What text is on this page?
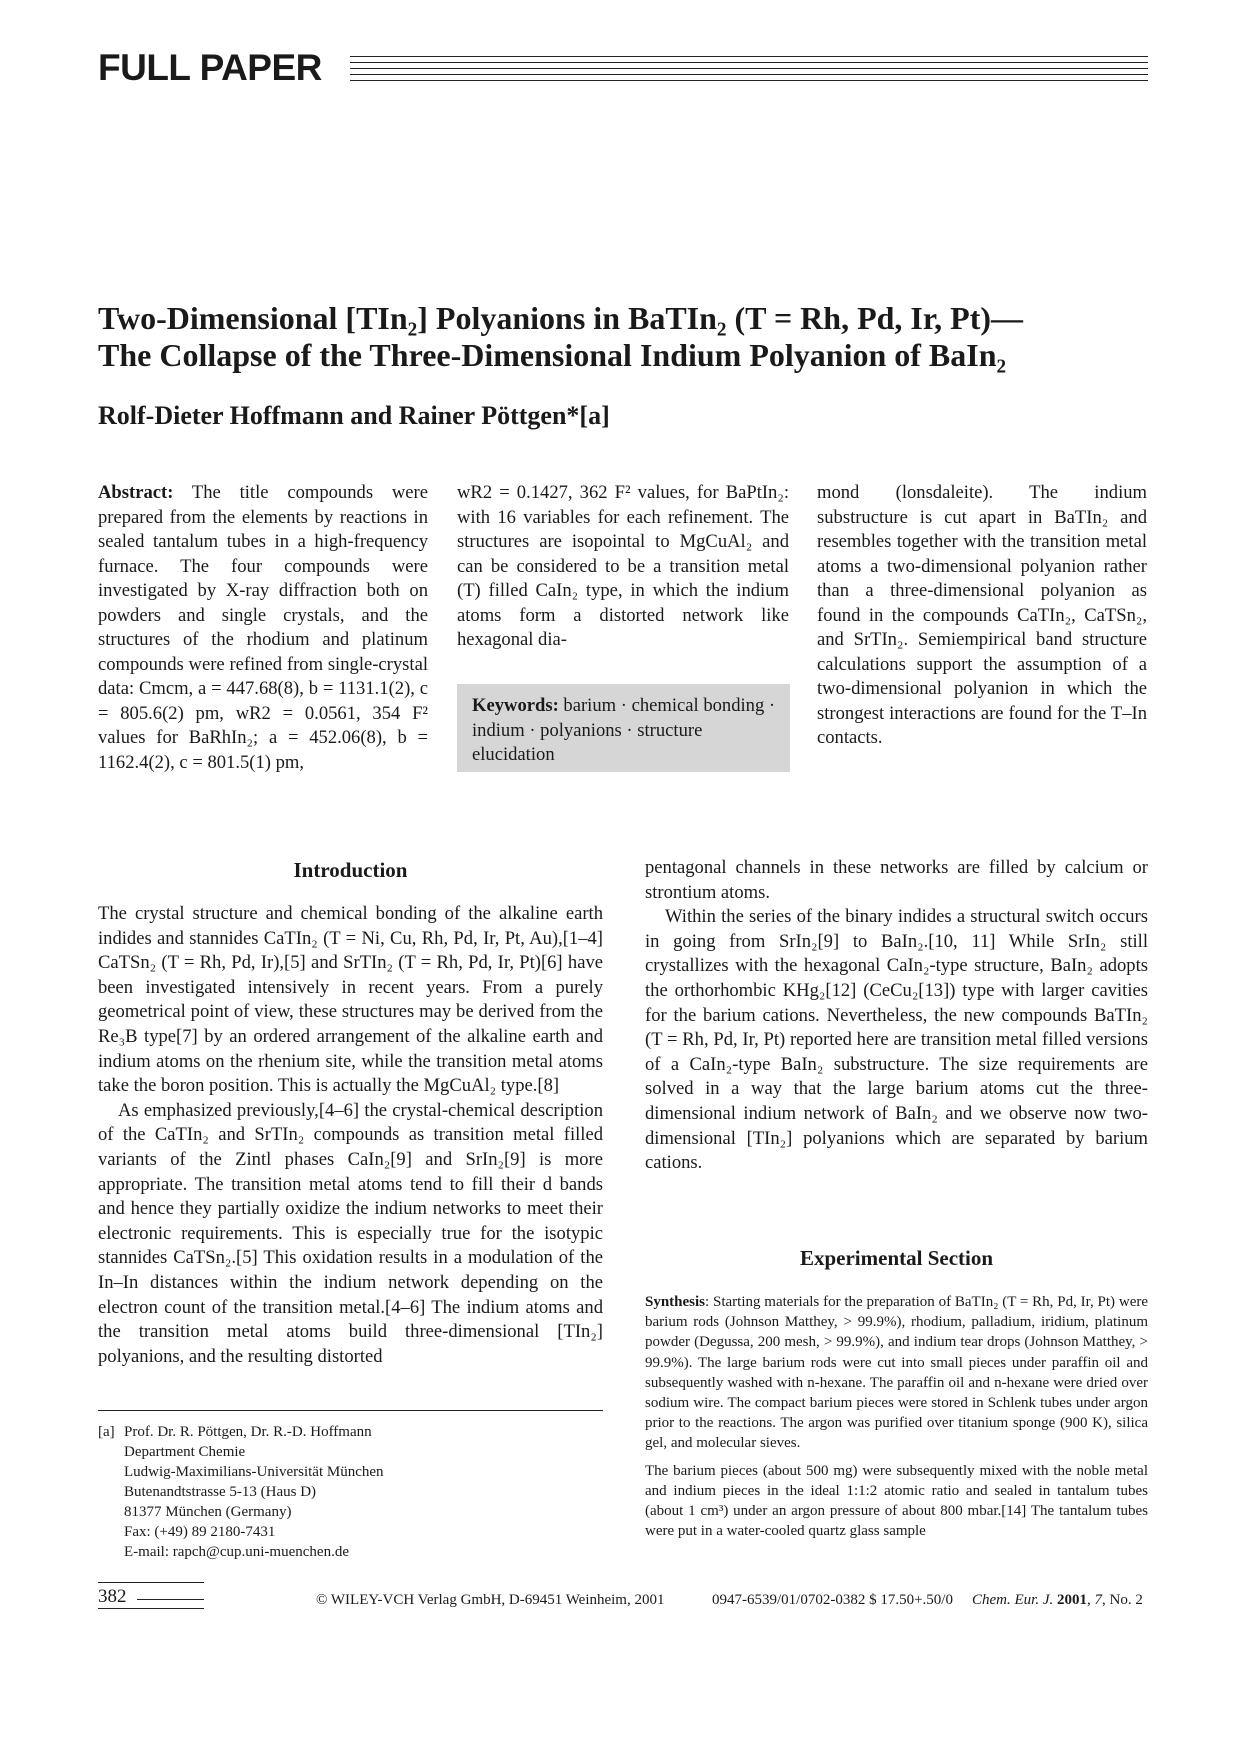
FULL PAPER
Two-Dimensional [TIn₂] Polyanions in BaTIn₂ (T = Rh, Pd, Ir, Pt)—
The Collapse of the Three-Dimensional Indium Polyanion of BaIn₂
Rolf-Dieter Hoffmann and Rainer Pöttgen*[a]
Abstract: The title compounds were prepared from the elements by reactions in sealed tantalum tubes in a high-frequency furnace. The four compounds were investigated by X-ray diffraction both on powders and single crystals, and the structures of the rhodium and platinum compounds were refined from single-crystal data: Cmcm, a = 447.68(8), b = 1131.1(2), c = 805.6(2) pm, wR2 = 0.0561, 354 F² values for BaRhIn₂; a = 452.06(8), b = 1162.4(2), c = 801.5(1) pm,
wR2 = 0.1427, 362 F² values, for BaPtIn₂: with 16 variables for each refinement. The structures are isopointal to MgCuAl₂ and can be considered to be a transition metal (T) filled CaIn₂ type, in which the indium atoms form a distorted network like hexagonal dia-
Keywords: barium · chemical bonding · indium · polyanions · structure elucidation
mond (lonsdaleite). The indium substructure is cut apart in BaTIn₂ and resembles together with the transition metal atoms a two-dimensional polyanion rather than a three-dimensional polyanion as found in the compounds CaTIn₂, CaTSn₂, and SrTIn₂. Semiempirical band structure calculations support the assumption of a two-dimensional polyanion in which the strongest interactions are found for the T–In contacts.
Introduction

The crystal structure and chemical bonding of the alkaline earth indides and stannides CaTIn₂ (T = Ni, Cu, Rh, Pd, Ir, Pt, Au),[1–4] CaTSn₂ (T = Rh, Pd, Ir),[5] and SrTIn₂ (T = Rh, Pd, Ir, Pt)[6] have been investigated intensively in recent years. From a purely geometrical point of view, these structures may be derived from the Re₃B type[7] by an ordered arrangement of the alkaline earth and indium atoms on the rhenium site, while the transition metal atoms take the boron position. This is actually the MgCuAl₂ type.[8]

As emphasized previously,[4–6] the crystal-chemical description of the CaTIn₂ and SrTIn₂ compounds as transition metal filled variants of the Zintl phases CaIn₂[9] and SrIn₂[9] is more appropriate. The transition metal atoms tend to fill their d bands and hence they partially oxidize the indium networks to meet their electronic requirements. This is especially true for the isotypic stannides CaTSn₂.[5] This oxidation results in a modulation of the In–In distances within the indium network depending on the electron count of the transition metal.[4–6] The indium atoms and the transition metal atoms build three-dimensional [TIn₂] polyanions, and the resulting distorted

pentagonal channels in these networks are filled by calcium or strontium atoms.

Within the series of the binary indides a structural switch occurs in going from SrIn₂[9] to BaIn₂.[10, 11] While SrIn₂ still crystallizes with the hexagonal CaIn₂-type structure, BaIn₂ adopts the orthorhombic KHg₂[12] (CeCu₂[13]) type with larger cavities for the barium cations. Nevertheless, the new compounds BaTIn₂ (T = Rh, Pd, Ir, Pt) reported here are transition metal filled versions of a CaIn₂-type BaIn₂ substructure. The size requirements are solved in a way that the large barium atoms cut the three-dimensional indium network of BaIn₂ and we observe now two-dimensional [TIn₂] polyanions which are separated by barium cations.

Experimental Section

Synthesis: Starting materials for the preparation of BaTIn₂ (T = Rh, Pd, Ir, Pt) were barium rods (Johnson Matthey, > 99.9%), rhodium, palladium, iridium, platinum powder (Degussa, 200 mesh, > 99.9%), and indium tear drops (Johnson Matthey, > 99.9%). The large barium rods were cut into small pieces under paraffin oil and subsequently washed with n-hexane. The paraffin oil and n-hexane were dried over sodium wire. The compact barium pieces were stored in Schlenk tubes under argon prior to the reactions. The argon was purified over titanium sponge (900 K), silica gel, and molecular sieves.

The barium pieces (about 500 mg) were subsequently mixed with the noble metal and indium pieces in the ideal 1:1:2 atomic ratio and sealed in tantalum tubes (about 1 cm³) under an argon pressure of about 800 mbar.[14] The tantalum tubes were put in a water-cooled quartz glass sample

[a] Prof. Dr. R. Pöttgen, Dr. R.-D. Hoffmann
Department Chemie
Ludwig-Maximilians-Universität München
Butenandtstrasse 5-13 (Haus D)
81377 München (Germany)
Fax: (+49) 89 2180-7431
E-mail: rapch@cup.uni-muenchen.de
382	© WILEY-VCH Verlag GmbH, D-69451 Weinheim, 2001	0947-6539/01/0702-0382 $ 17.50+.50/0 Chem. Eur. J. 2001, 7, No. 2
